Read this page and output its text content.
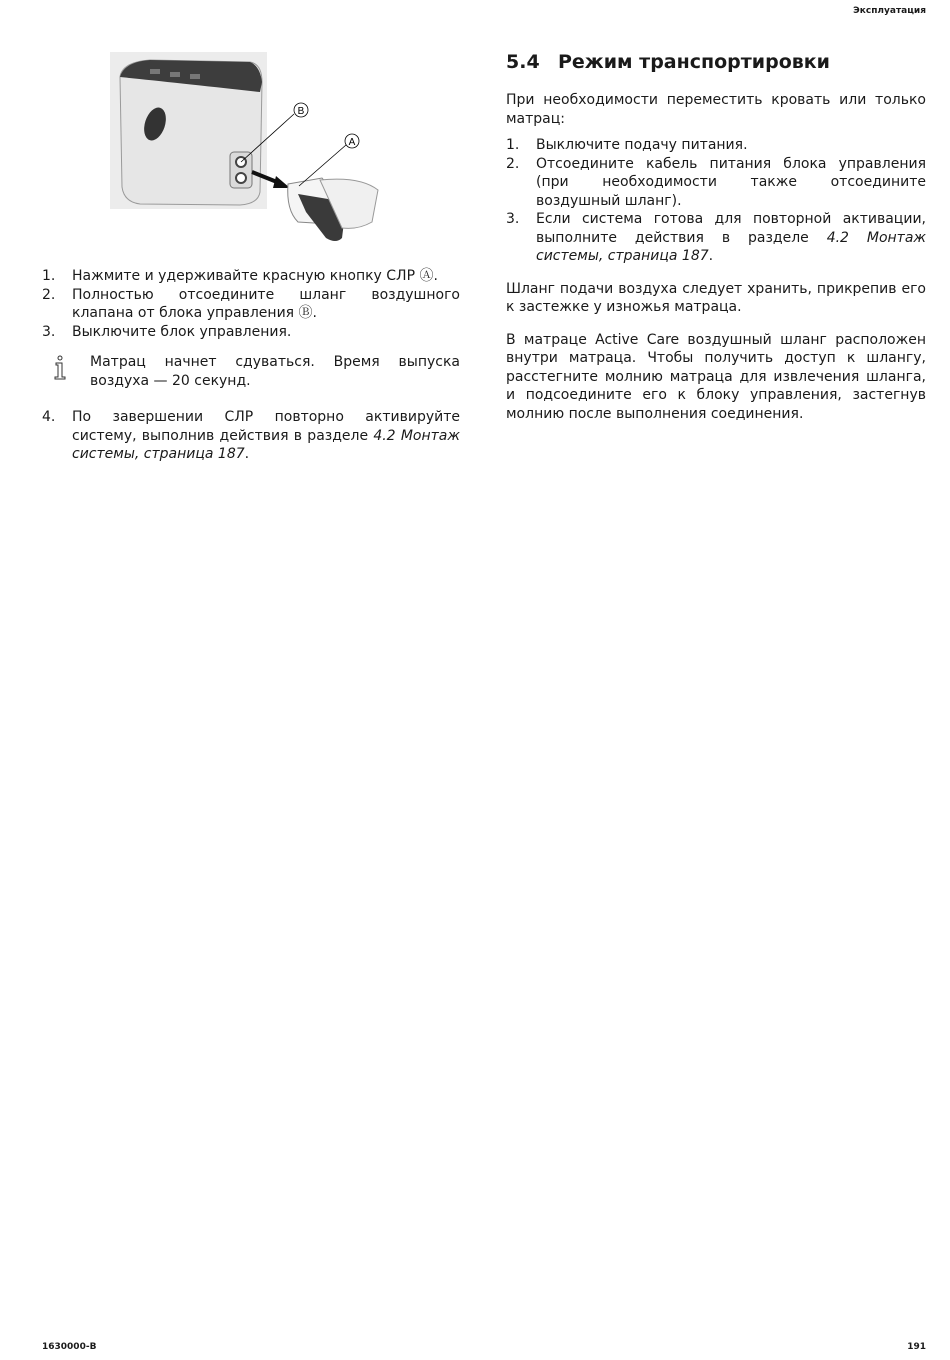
Эксплуатация
B
A
1. Нажмите и удерживайте красную кнопку СЛР Ⓐ.
2. Полностью отсоедините шланг воздушного клапана от блока управления Ⓑ.
3. Выключите блок управления.
Матрац начнет сдуваться. Время выпуска воздуха — 20 секунд.
4. По завершении СЛР повторно активируйте систему, выполнив действия в разделе 4.2 Монтаж системы, страница 187.
5.4 Режим транспортировки

При необходимости переместить кровать или только матрац:

1. Выключите подачу питания.
2. Отсоедините кабель питания блока управления (при необходимости также отсоедините воздушный шланг).
3. Если система готова для повторной активации, выполните действия в разделе 4.2 Монтаж системы, страница 187.

Шланг подачи воздуха следует хранить, прикрепив его к застежке у изножья матраца.

В матраце Active Care воздушный шланг расположен внутри матраца. Чтобы получить доступ к шлангу, расстегните молнию матраца для извлечения шланга, и подсоедините его к блоку управления, застегнув молнию после выполнения соединения.

1630000-B	191
